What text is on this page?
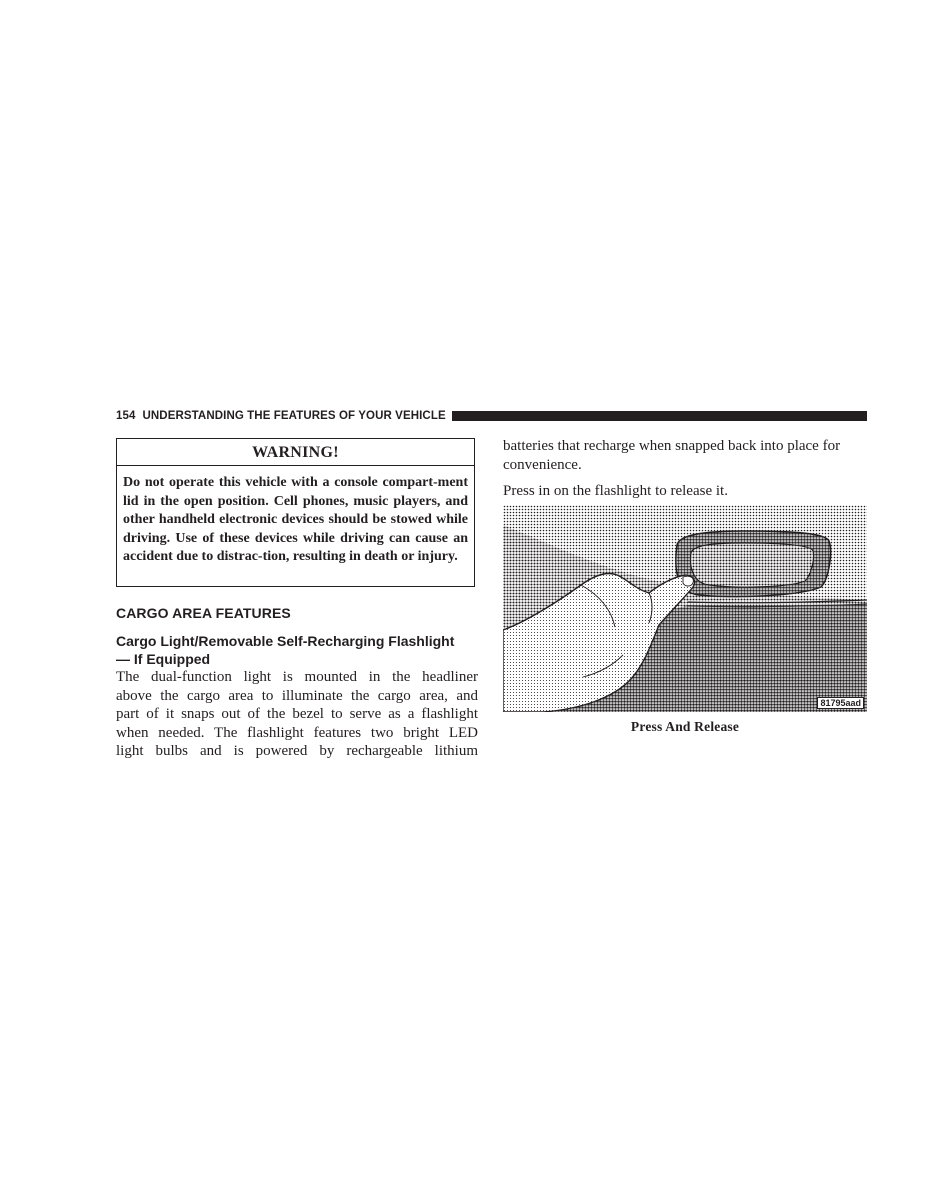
154 UNDERSTANDING THE FEATURES OF YOUR VEHICLE
WARNING!
Do not operate this vehicle with a console compart-ment lid in the open position. Cell phones, music players, and other handheld electronic devices should be stowed while driving. Use of these devices while driving can cause an accident due to distrac-tion, resulting in death or injury.
CARGO AREA FEATURES
Cargo Light/Removable Self-Recharging Flashlight — If Equipped
The dual-function light is mounted in the headliner
above the cargo area to illuminate the cargo area, and
part of it snaps out of the bezel to serve as a flashlight
when needed. The flashlight features two bright LED
light bulbs and is powered by rechargeable lithium
batteries that recharge when snapped back into place for convenience.
Press in on the flashlight to release it.
81795aad
Press And Release
